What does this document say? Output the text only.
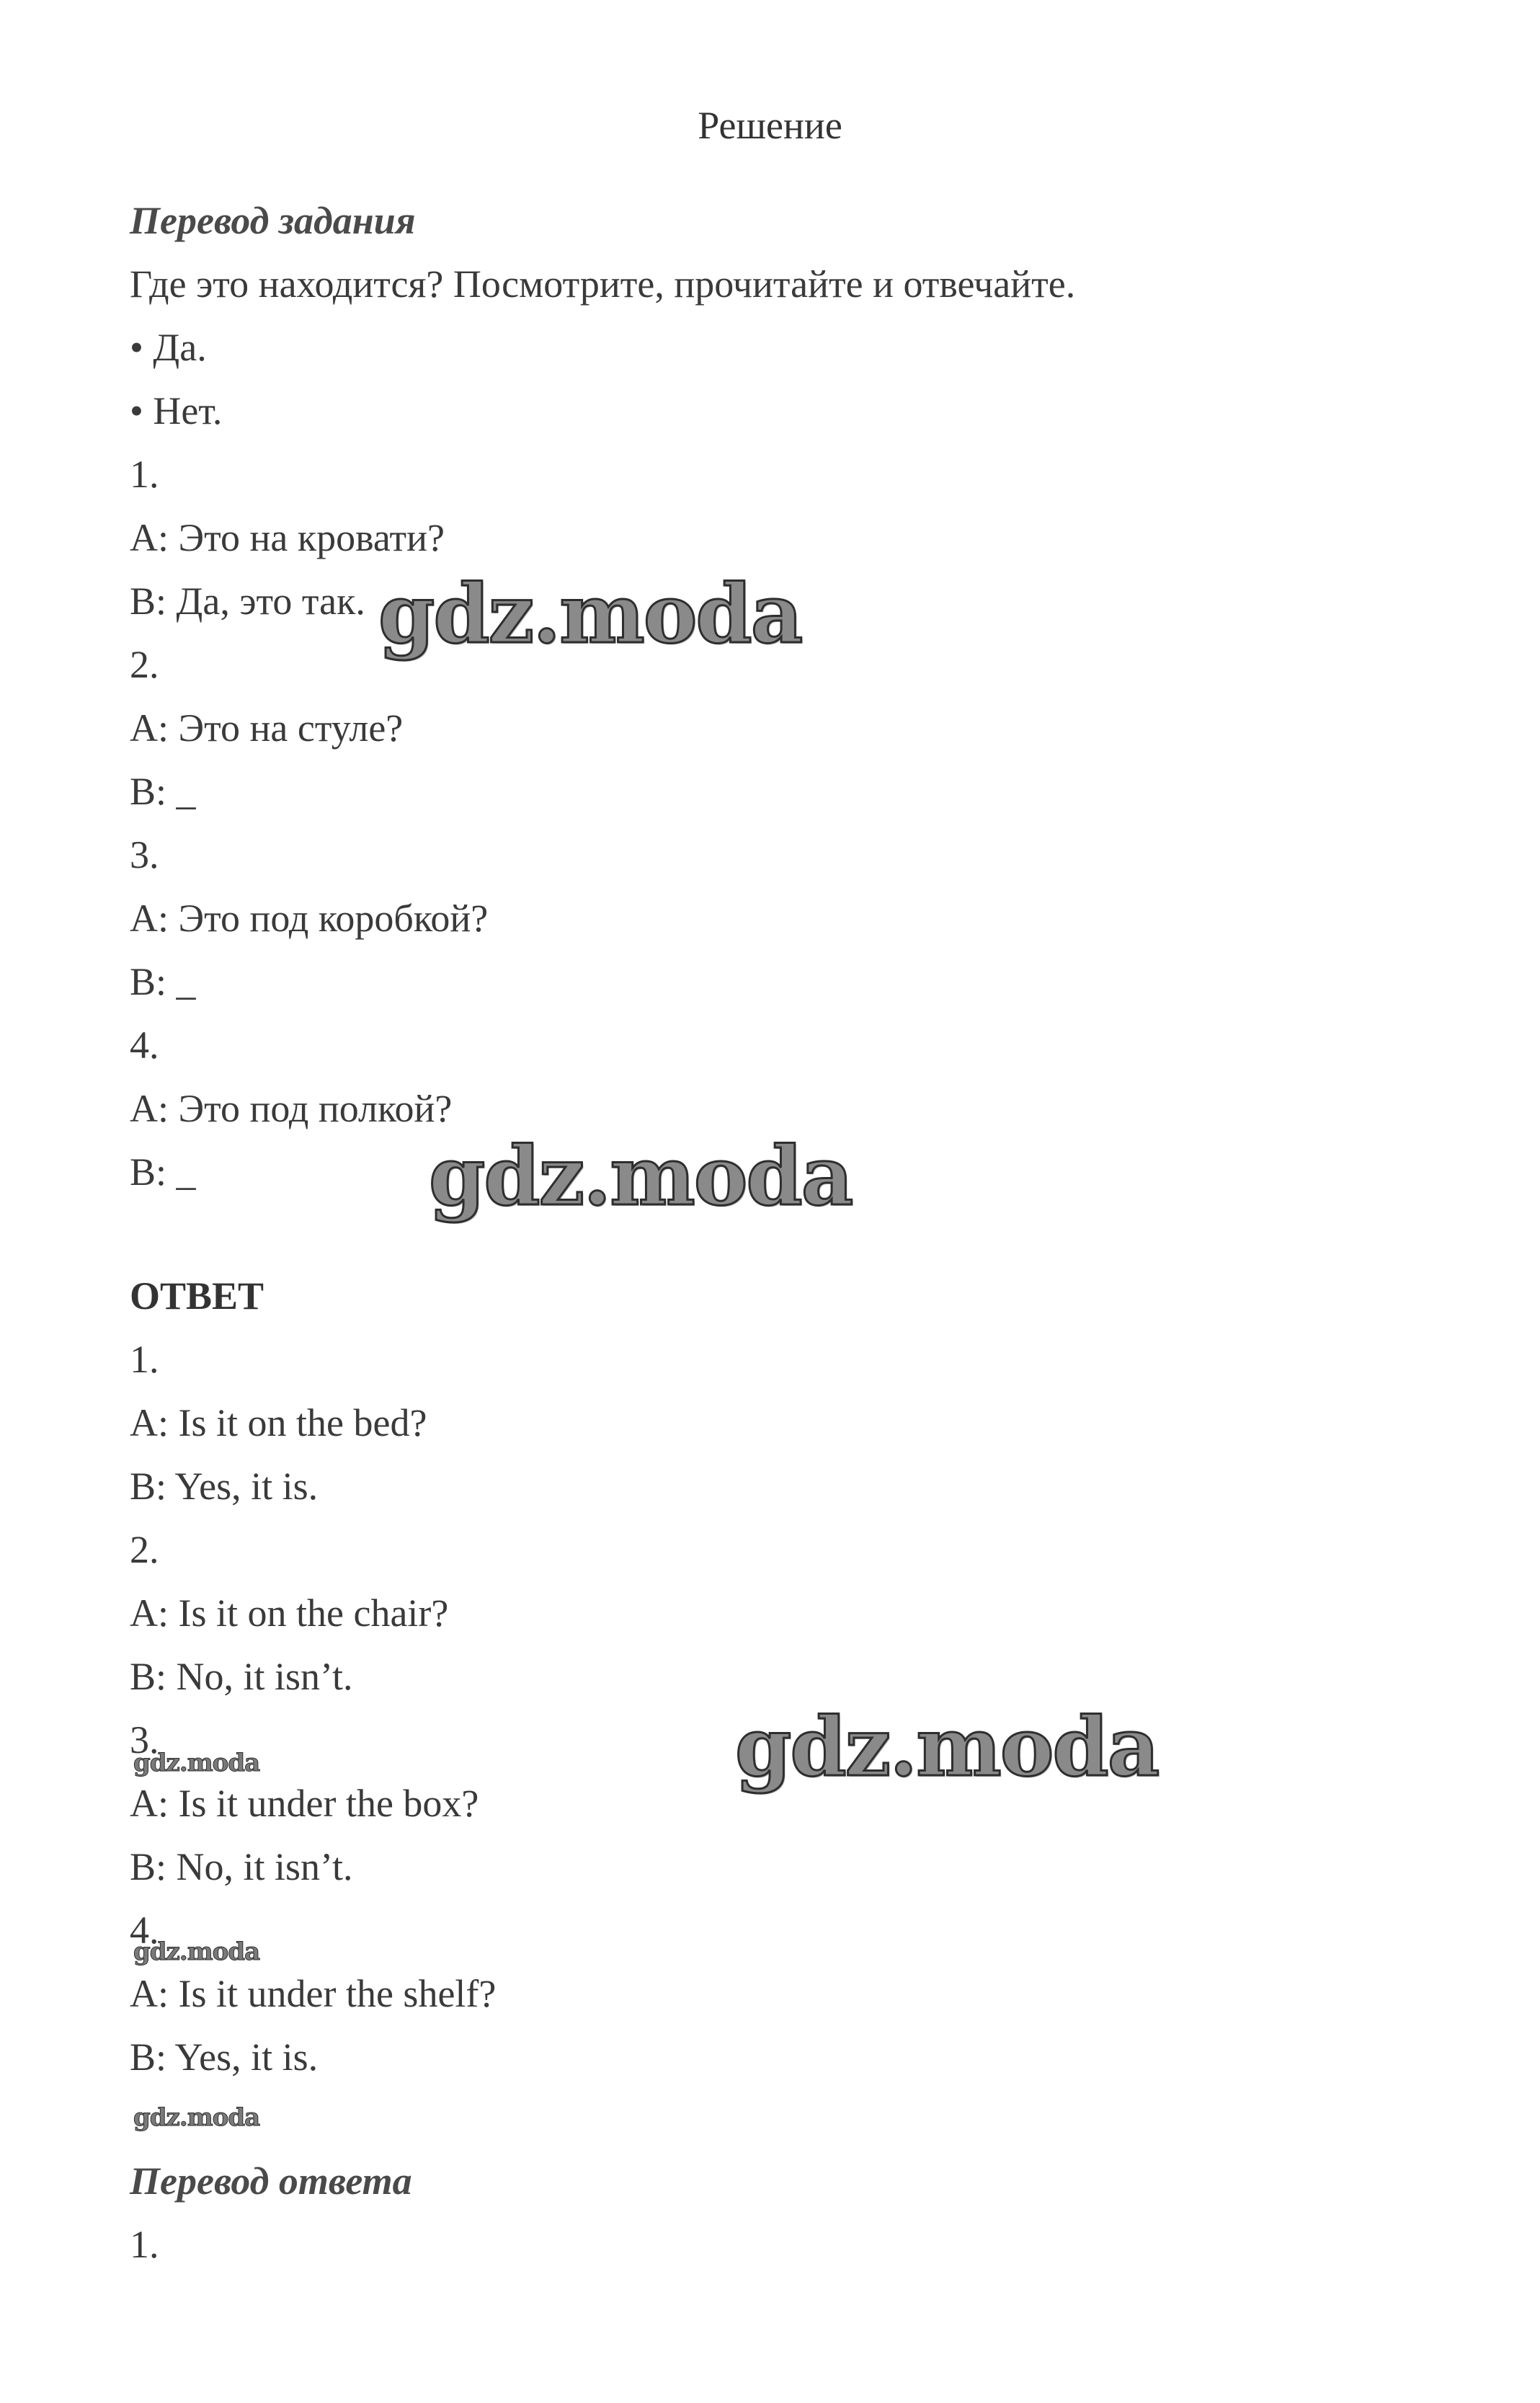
Решение
Перевод задания
Где это находится? Посмотрите, прочитайте и отвечайте.
• Да.
• Нет.
1.
A: Это на кровати?
B: Да, это так.
2.
A: Это на стуле?
B: _
3.
A: Это под коробкой?
B: _
4.
A: Это под полкой?
B: _
ОТВЕТ
1.
A: Is it on the bed?
B: Yes, it is.
2.
A: Is it on the chair?
B: No, it isn’t.
3.
A: Is it under the box?
B: No, it isn’t.
4.
A: Is it under the shelf?
B: Yes, it is.
Перевод ответа
1.
gdz.moda
gdz.moda
gdz.moda
gdz.moda
gdz.moda
gdz.moda
